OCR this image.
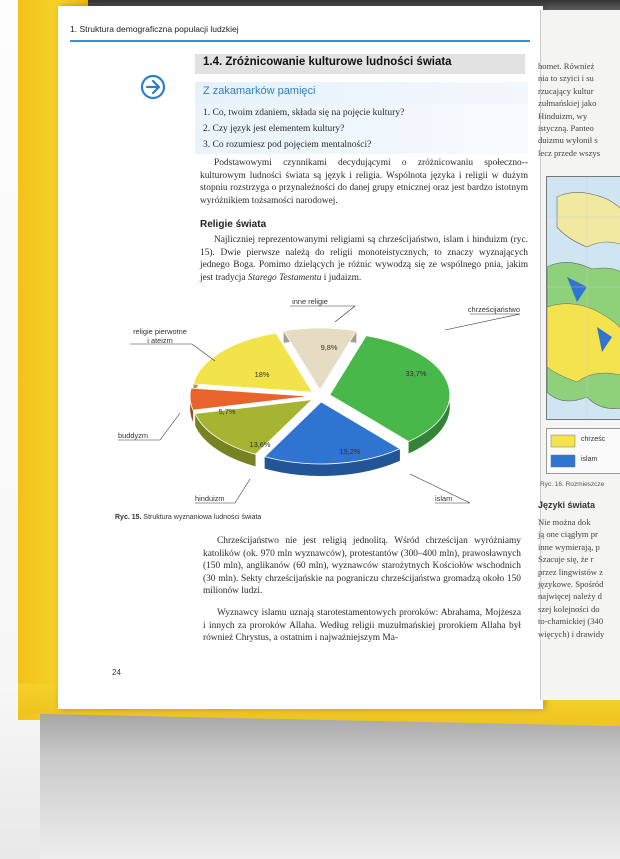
1. Struktura demograficzna populacji ludzkiej
1.4. Zróżnicowanie kulturowe ludności świata
Z zakamarków pamięci
1. Co, twoim zdaniem, składa się na pojęcie kultury?
2. Czy język jest elementem kultury?
3. Co rozumiesz pod pojęciem mentalności?

Podstawowymi czynnikami decydującymi o zróżnicowaniu społeczno--kulturowym ludności świata są język i religia. Wspólnota języka i religii w dużym stopniu rozstrzyga o przynależności do danej grupy etnicznej oraz jest bardzo istotnym wyróżnikiem tożsamości narodowej.

Religie świata

Najliczniej reprezentowanymi religiami są chrześcijaństwo, islam i hinduizm (ryc. 15). Dwie pierwsze należą do religii monoteistycznych, to znaczy wyznających jednego Boga. Pomimo dzielących je różnic wywodzą się ze wspólnego pnia, jakim jest tradycja Starego Testamentu i judaizm.

33,7%
chrześcijaństwo
19,2%
islam
13,6%
hinduizm
5,7%
buddyzm
18%
religie pierwotne i ateizm
9,8%
inne religie
Ryc. 15. Struktura wyznaniowa ludności świata

Chrześcijaństwo nie jest religią jednolitą. Wśród chrześcijan wyróżniamy katolików (ok. 970 mln wyznawców), protestantów (300–400 mln), prawosławnych (150 mln), anglikanów (60 mln), wyznawców starożytnych Kościołów wschodnich (30 mln). Sekty chrześcijańskie na pograniczu chrześcijaństwa gromadzą około 150 milionów ludzi.

Wyznawcy islamu uznają starotestamentowych proroków: Abrahama, Mojżesza i innych za proroków Allaha. Według religii muzułmańskiej prorokiem Allaha był również Chrystus, a ostatnim i najważniejszym Ma-

24
homet. Również
nia to szyici i su
rzucający kultur
zułmańskiej jako
Hinduizm, wy
istyczną. Panteo
duizmu wyłonił s
lecz przede wszys
chrześc
islam
Ryc. 16. Rozmieszcze
Języki świata
Nie można dok
ją one ciągłym pr
inne wymierają, p
Szacuje się, że r
przez lingwistów z
językowe. Spośród
najwięcej należy d
szej kolejności do
to-chamickiej (340
więcych) i drawidy
